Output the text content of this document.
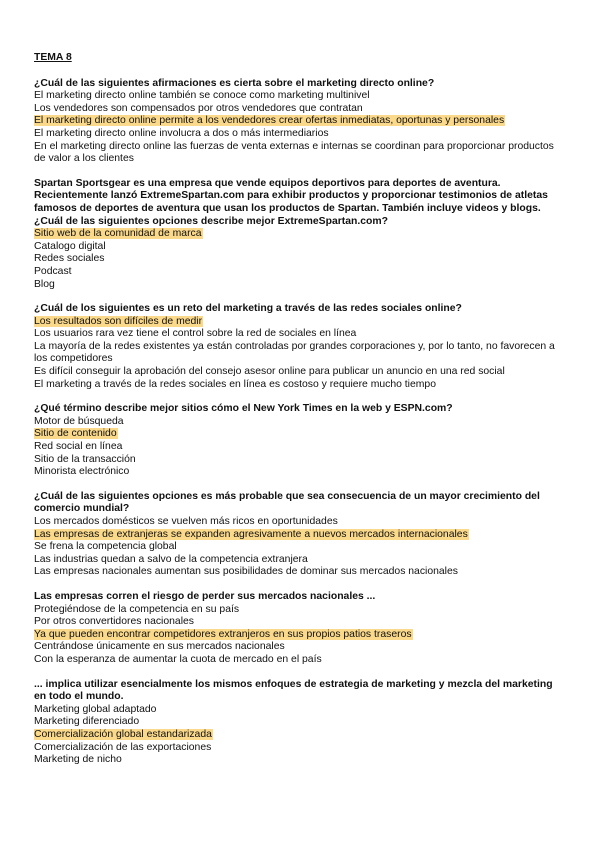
TEMA 8
¿Cuál de las siguientes afirmaciones es cierta sobre el marketing directo online?
El marketing directo online también se conoce como marketing multinivel
Los vendedores son compensados por otros vendedores que contratan
El marketing directo online permite a los vendedores crear ofertas inmediatas, oportunas y personales
El marketing directo online involucra a dos o más intermediarios
En el marketing directo online las fuerzas de venta externas e internas se coordinan para proporcionar productos de valor a los clientes
Spartan Sportsgear es una empresa que vende equipos deportivos para deportes de aventura. Recientemente lanzó ExtremeSpartan.com para exhibir productos y proporcionar testimonios de atletas famosos de deportes de aventura que usan los productos de Spartan. También incluye videos y blogs. ¿Cuál de las siguientes opciones describe mejor ExtremeSpartan.com?
Sitio web de la comunidad de marca
Catalogo digital
Redes sociales
Podcast
Blog
¿Cuál de los siguientes es un reto del marketing a través de las redes sociales online?
Los resultados son difíciles de medir
Los usuarios rara vez tiene el control sobre la red de sociales en línea
La mayoría de la redes existentes ya están controladas por grandes corporaciones y, por lo tanto, no favorecen a los competidores
Es difícil conseguir la aprobación del consejo asesor online para publicar un anuncio en una red social
El marketing a través de la redes sociales en línea es costoso y requiere mucho tiempo
¿Qué término describe mejor sitios cómo el New York Times en la web y ESPN.com?
Motor de búsqueda
Sitio de contenido
Red social en línea
Sitio de la transacción
Minorista electrónico
¿Cuál de las siguientes opciones es más probable que sea consecuencia de un mayor crecimiento del comercio mundial?
Los mercados domésticos se vuelven más ricos en oportunidades
Las empresas de extranjeras se expanden agresivamente a nuevos mercados internacionales
Se frena la competencia global
Las industrias quedan a salvo de la competencia extranjera
Las empresas nacionales aumentan sus posibilidades de dominar sus mercados nacionales
Las empresas corren el riesgo de perder sus mercados nacionales ...
Protegiéndose de la competencia en su país
Por otros convertidores nacionales
Ya que pueden encontrar competidores extranjeros en sus propios patios traseros
Centrándose únicamente en sus mercados nacionales
Con la esperanza de aumentar la cuota de mercado en el país
... implica utilizar esencialmente los mismos enfoques de estrategia de marketing y mezcla del marketing en todo el mundo.
Marketing global adaptado
Marketing diferenciado
Comercialización global estandarizada
Comercialización de las exportaciones
Marketing de nicho
